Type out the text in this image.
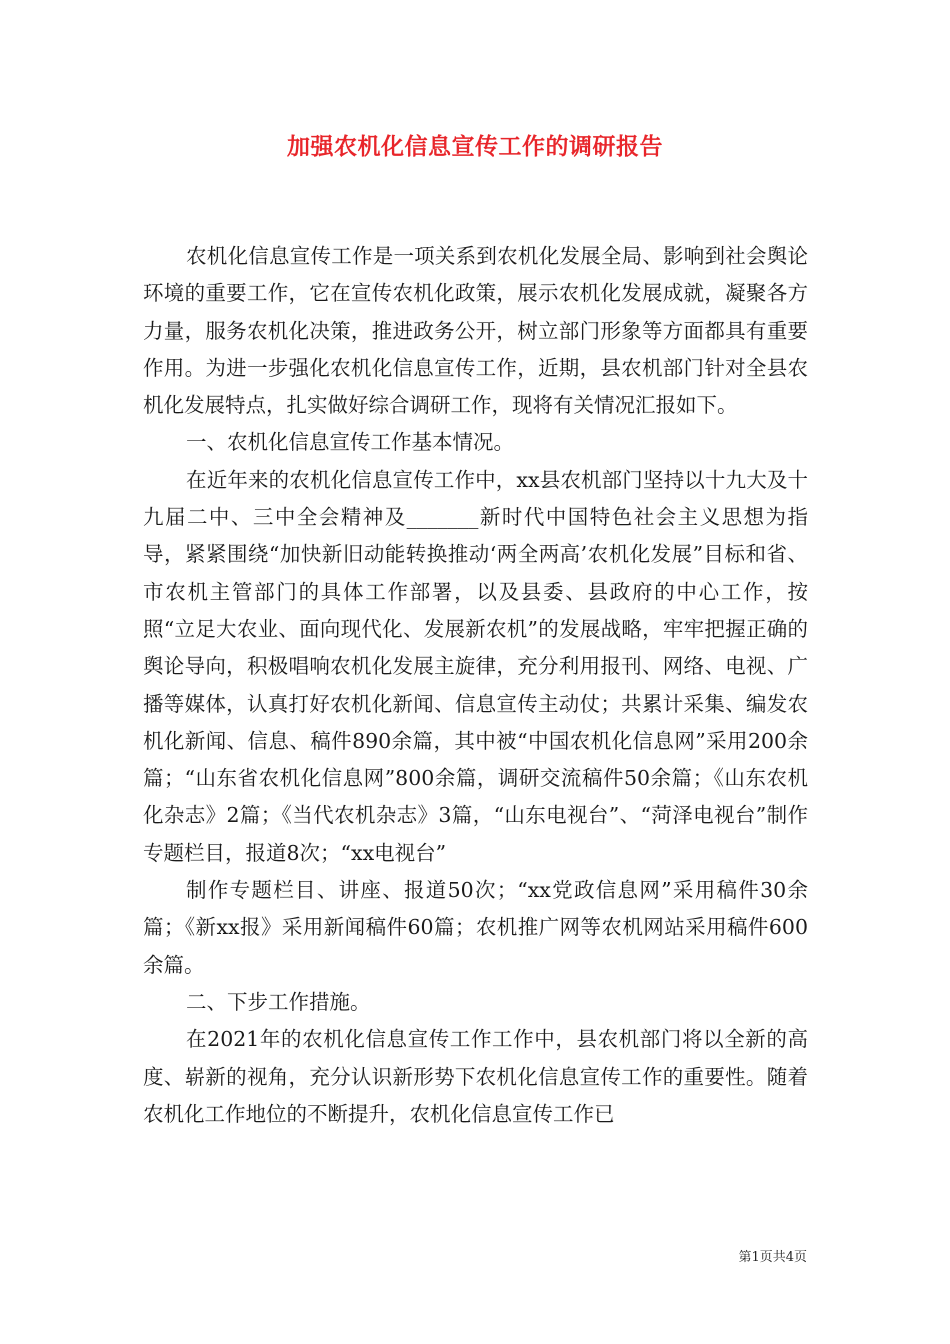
加强农机化信息宣传工作的调研报告

农机化信息宣传工作是一项关系到农机化发展全局、影响到社会舆论环境的重要工作，它在宣传农机化政策，展示农机化发展成就，凝聚各方力量，服务农机化决策，推进政务公开，树立部门形象等方面都具有重要作用。为进一步强化农机化信息宣传工作，近期，县农机部门针对全县农机化发展特点，扎实做好综合调研工作，现将有关情况汇报如下。

一、农机化信息宣传工作基本情况。

在近年来的农机化信息宣传工作中，xx县农机部门坚持以十九大及十九届二中、三中全会精神及_______新时代中国特色社会主义思想为指导，紧紧围绕“加快新旧动能转换推动‘两全两高’农机化发展”目标和省、市农机主管部门的具体工作部署，以及县委、县政府的中心工作，按照“立足大农业、面向现代化、发展新农机”的发展战略，牢牢把握正确的舆论导向，积极唱响农机化发展主旋律，充分利用报刊、网络、电视、广播等媒体，认真打好农机化新闻、信息宣传主动仗；共累计采集、编发农机化新闻、信息、稿件890余篇，其中被“中国农机化信息网”采用200余篇；“山东省农机化信息网”800余篇，调研交流稿件50余篇；《山东农机化杂志》2篇；《当代农机杂志》3篇，“山东电视台”、“菏泽电视台”制作专题栏目，报道8次；“xx电视台”

制作专题栏目、讲座、报道50次；“xx党政信息网”采用稿件30余篇；《新xx报》采用新闻稿件60篇；农机推广网等农机网站采用稿件600余篇。

二、下步工作措施。

在2021年的农机化信息宣传工作工作中，县农机部门将以全新的高度、崭新的视角，充分认识新形势下农机化信息宣传工作的重要性。随着农机化工作地位的不断提升，农机化信息宣传工作已

第1页共4页
